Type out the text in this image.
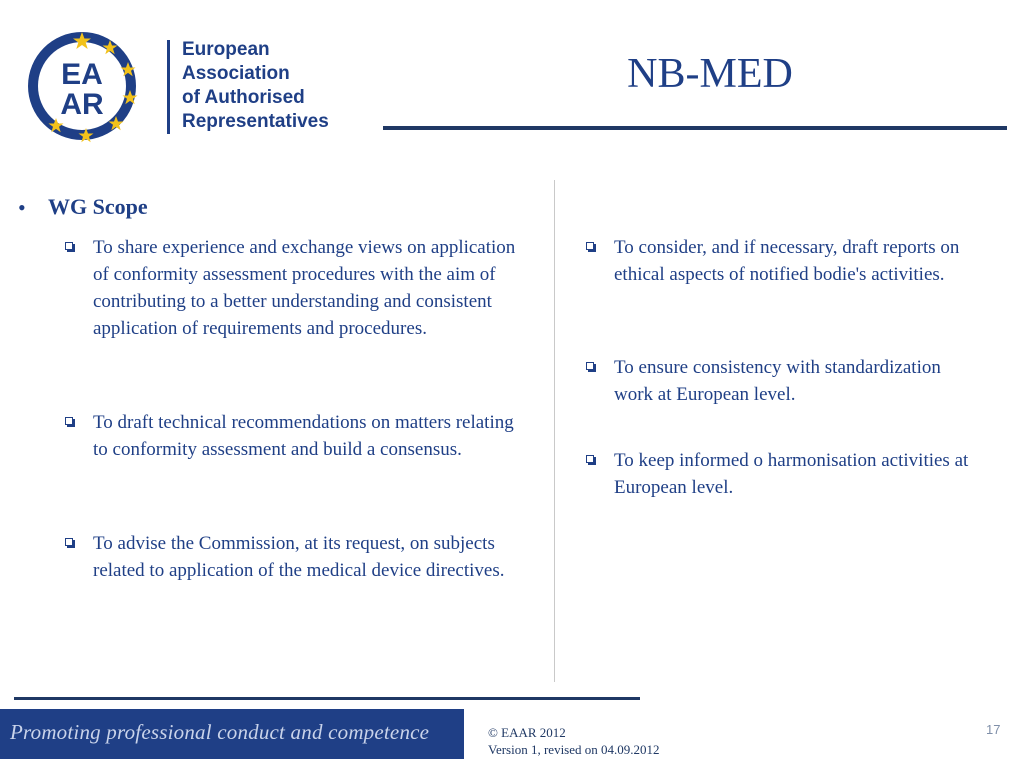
EA
AR

European
Association
of Authorised
Representatives

NB-MED
• WG Scope
To share experience and exchange views on application of conformity assessment procedures with the aim of contributing to a better understanding and consistent application of requirements and procedures.
To draft technical recommendations on matters relating to conformity assessment and build a consensus.
To advise the Commission, at its request, on subjects related to application of the medical device directives.
To consider, and if necessary, draft reports on ethical aspects of notified bodie's activities.
To ensure consistency with standardization work at European level.
To keep informed o harmonisation activities at European level.
Promoting professional conduct and competence	© EAAR 2012
Version 1, revised on 04.09.2012
17
